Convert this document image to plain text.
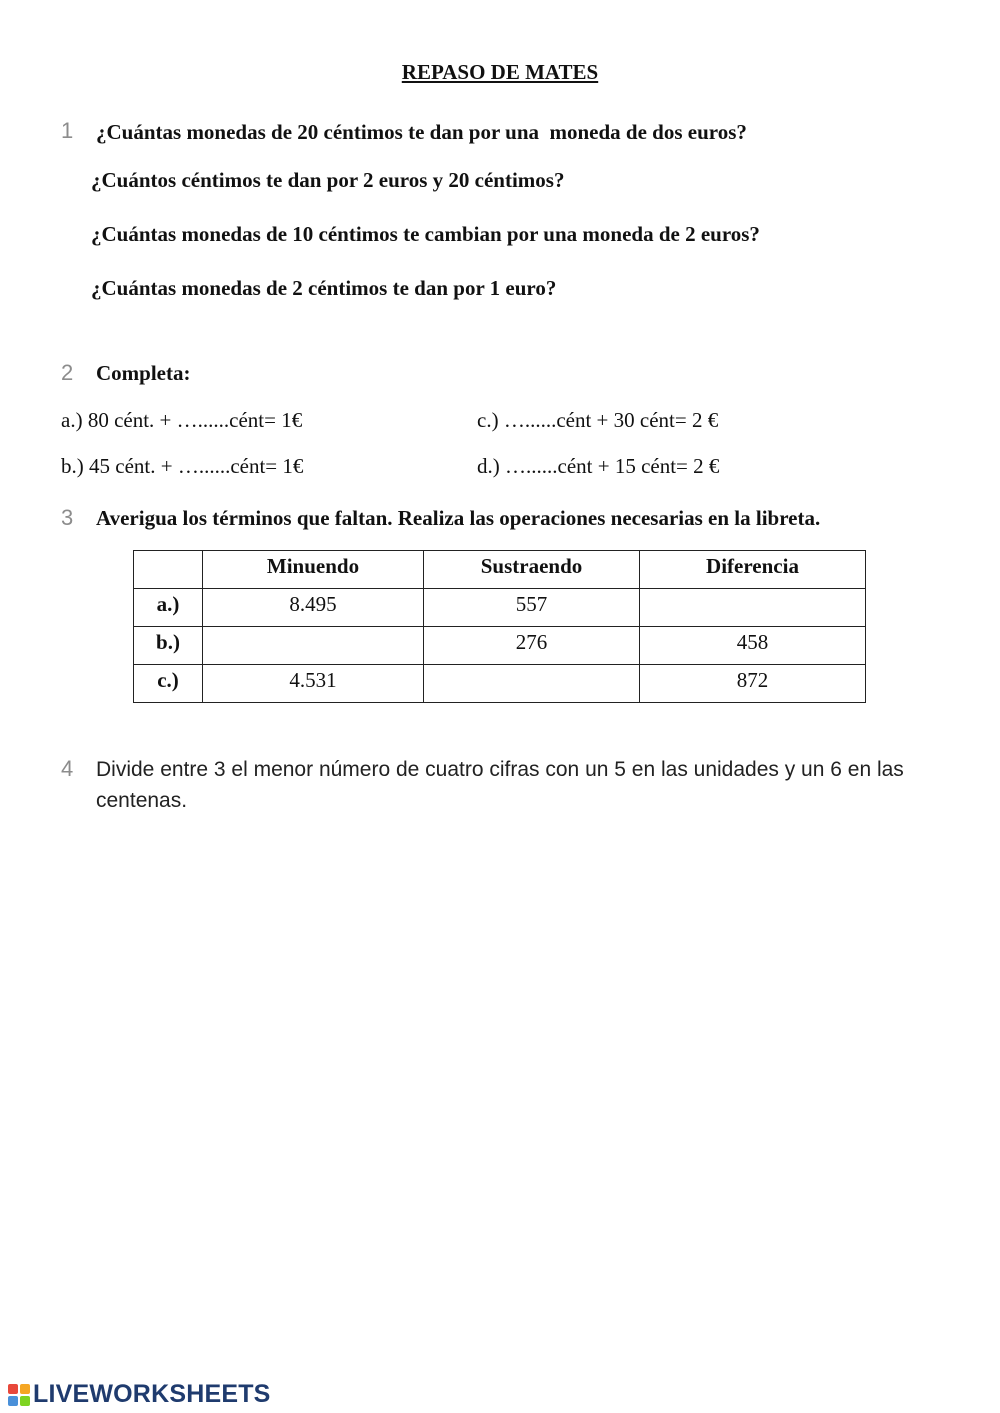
REPASO DE MATES
1 ¿Cuántas monedas de 20 céntimos te dan por una  moneda de dos euros?
¿Cuántos céntimos te dan por 2 euros y 20 céntimos?
¿Cuántas monedas de 10 céntimos te cambian por una moneda de 2 euros?
¿Cuántas monedas de 2 céntimos te dan por 1 euro?
2 Completa:
a.) 80 cént. + …......cént= 1€	c.) …......cént + 30 cént= 2 €
b.) 45 cént. + …......cént= 1€	d.) …......cént + 15 cént= 2 €
3 Averigua los términos que faltan. Realiza las operaciones necesarias en la libreta.
	Minuendo	Sustraendo	Diferencia
a.)	8.495	557	
b.)		276	458
c.)	4.531		872
4 Divide entre 3 el menor número de cuatro cifras con un 5 en las unidades y un 6 en las centenas.
LIVEWORKSHEETS
